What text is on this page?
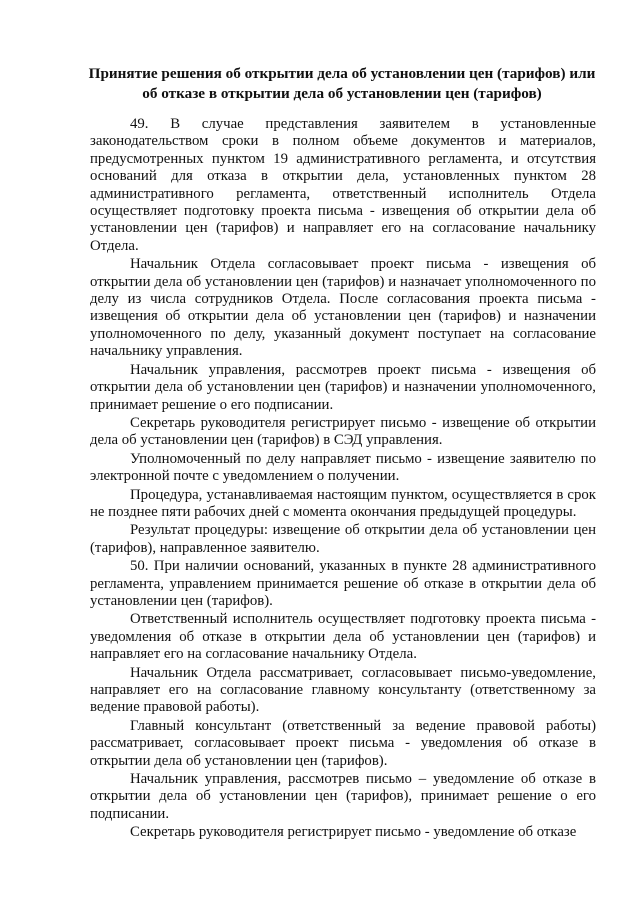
Принятие решения об открытии дела об установлении цен (тарифов) или об отказе в открытии дела об установлении цен (тарифов)

49. В случае представления заявителем в установленные законодательством сроки в полном объеме документов и материалов, предусмотренных пунктом 19 административного регламента, и отсутствия оснований для отказа в открытии дела, установленных пунктом 28 административного регламента, ответственный исполнитель Отдела осуществляет подготовку проекта письма - извещения об открытии дела об установлении цен (тарифов) и направляет его на согласование начальнику Отдела.

Начальник Отдела согласовывает проект письма - извещения об открытии дела об установлении цен (тарифов) и назначает уполномоченного по делу из числа сотрудников Отдела. После согласования проекта письма - извещения об открытии дела об установлении цен (тарифов) и назначении уполномоченного по делу, указанный документ поступает на согласование начальнику управления.

Начальник управления, рассмотрев проект письма - извещения об открытии дела об установлении цен (тарифов) и назначении уполномоченного, принимает решение о его подписании.

Секретарь руководителя регистрирует письмо - извещение об открытии дела об установлении цен (тарифов) в СЭД управления.

Уполномоченный по делу направляет письмо - извещение заявителю по электронной почте с уведомлением о получении.

Процедура, устанавливаемая настоящим пунктом, осуществляется в срок не позднее пяти рабочих дней с момента окончания предыдущей процедуры.

Результат процедуры: извещение об открытии дела об установлении цен (тарифов), направленное заявителю.

50. При наличии оснований, указанных в пункте 28 административного регламента, управлением принимается решение об отказе в открытии дела об установлении цен (тарифов).

Ответственный исполнитель осуществляет подготовку проекта письма - уведомления об отказе в открытии дела об установлении цен (тарифов) и направляет его на согласование начальнику Отдела.

Начальник Отдела рассматривает, согласовывает письмо-уведомление, направляет его на согласование главному консультанту (ответственному за ведение правовой работы).

Главный консультант (ответственный за ведение правовой работы) рассматривает, согласовывает проект письма - уведомления об отказе в открытии дела об установлении цен (тарифов).

Начальник управления, рассмотрев письмо – уведомление об отказе в открытии дела об установлении цен (тарифов), принимает решение о его подписании.

Секретарь руководителя регистрирует письмо - уведомление об отказе
